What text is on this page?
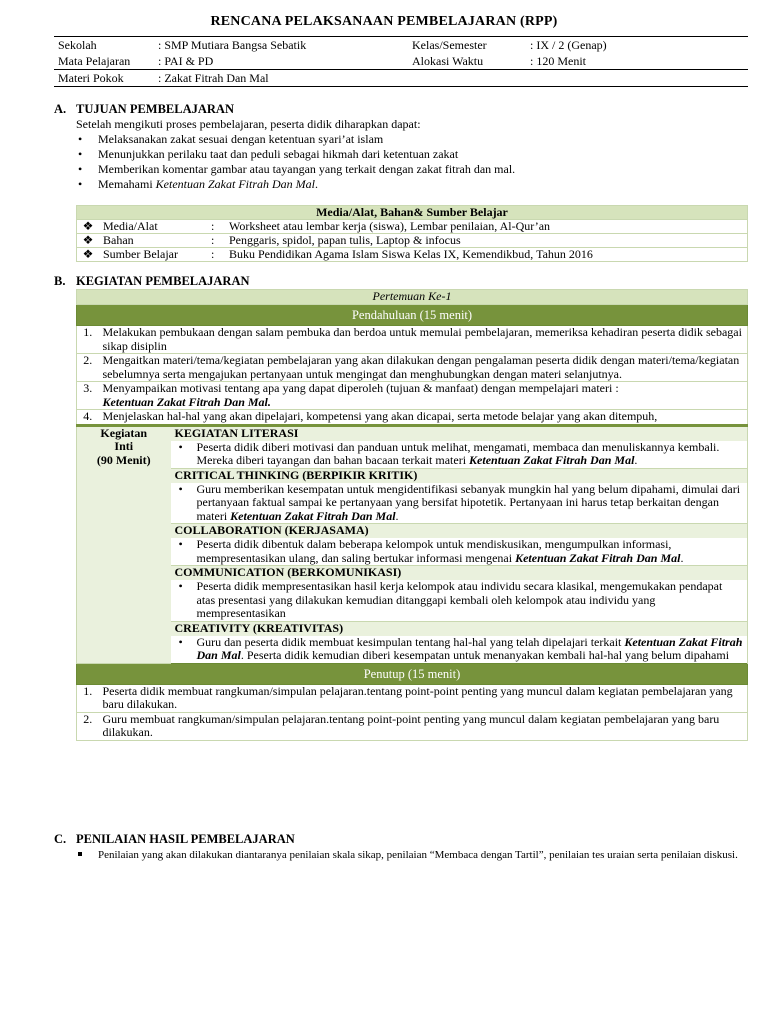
RENCANA PELAKSANAAN PEMBELAJARAN (RPP)
Sekolah	: SMP Mutiara Bangsa Sebatik	Kelas/Semester	: IX / 2 (Genap)
Mata Pelajaran	: PAI & PD	Alokasi Waktu	: 120 Menit
Materi Pokok	: Zakat Fitrah Dan Mal		
A. TUJUAN PEMBELAJARAN
Setelah mengikuti proses pembelajaran, peserta didik diharapkan dapat:
• Melaksanakan zakat sesuai dengan ketentuan syari’at islam
• Menunjukkan perilaku taat dan peduli sebagai hikmah dari ketentuan zakat
• Memberikan komentar gambar atau tayangan yang terkait dengan zakat fitrah dan mal.
• Memahami Ketentuan Zakat Fitrah Dan Mal.
Media/Alat, Bahan& Sumber Belajar			
❖	Media/Alat	:	Worksheet atau lembar kerja (siswa), Lembar penilaian, Al-Qur’an
❖	Bahan	:	Penggaris, spidol, papan tulis, Laptop & infocus
❖	Sumber Belajar	:	Buku Pendidikan Agama Islam Siswa Kelas IX, Kemendikbud, Tahun 2016
B. KEGIATAN PEMBELAJARAN
Pertemuan Ke-1		
Pendahuluan (15 menit)		
1.	Melakukan pembukaan dengan salam pembuka dan berdoa untuk memulai pembelajaran, memeriksa kehadiran peserta didik sebagai sikap disiplin	
2.	Mengaitkan materi/tema/kegiatan pembelajaran yang akan dilakukan dengan pengalaman peserta didik dengan materi/tema/kegiatan sebelumnya serta mengajukan pertanyaan untuk mengingat dan menghubungkan dengan materi selanjutnya.	
3.	Menyampaikan motivasi tentang apa yang dapat diperoleh (tujuan & manfaat) dengan mempelajari materi :
Ketentuan Zakat Fitrah Dan Mal.	
4.	Menjelaskan hal-hal yang akan dipelajari, kompetensi yang akan dicapai, serta metode belajar yang akan ditempuh,	

Kegiatan
Inti
(90 Menit)		KEGIATAN LITERASI
		• Peserta didik diberi motivasi dan panduan untuk melihat, mengamati, membaca dan menuliskannya kembali. Mereka diberi tayangan dan bahan bacaan terkait materi Ketentuan Zakat Fitrah Dan Mal.
		CRITICAL THINKING (BERPIKIR KRITIK)
		• Guru memberikan kesempatan untuk mengidentifikasi sebanyak mungkin hal yang belum dipahami, dimulai dari pertanyaan faktual sampai ke pertanyaan yang bersifat hipotetik. Pertanyaan ini harus tetap berkaitan dengan materi Ketentuan Zakat Fitrah Dan Mal.
		COLLABORATION (KERJASAMA)
		• Peserta didik dibentuk dalam beberapa kelompok untuk mendiskusikan, mengumpulkan informasi, mempresentasikan ulang, dan saling bertukar informasi mengenai Ketentuan Zakat Fitrah Dan Mal.
		COMMUNICATION (BERKOMUNIKASI)
		• Peserta didik mempresentasikan hasil kerja kelompok atau individu secara klasikal, mengemukakan pendapat atas presentasi yang dilakukan kemudian ditanggapi kembali oleh kelompok atau individu yang mempresentasikan
		CREATIVITY (KREATIVITAS)
		• Guru dan peserta didik membuat kesimpulan tentang hal-hal yang telah dipelajari terkait Ketentuan Zakat Fitrah Dan Mal. Peserta didik kemudian diberi kesempatan untuk menanyakan kembali hal-hal yang belum dipahami
Penutup (15 menit)		
1.	Peserta didik membuat rangkuman/simpulan pelajaran.tentang point-point penting yang muncul dalam kegiatan pembelajaran yang baru dilakukan.	
2.	Guru membuat rangkuman/simpulan pelajaran.tentang point-point penting yang muncul dalam kegiatan pembelajaran yang baru dilakukan.	
C. PENILAIAN HASIL PEMBELAJARAN
Penilaian yang akan dilakukan diantaranya penilaian skala sikap, penilaian “Membaca dengan Tartil”, penilaian tes uraian serta penilaian diskusi.
